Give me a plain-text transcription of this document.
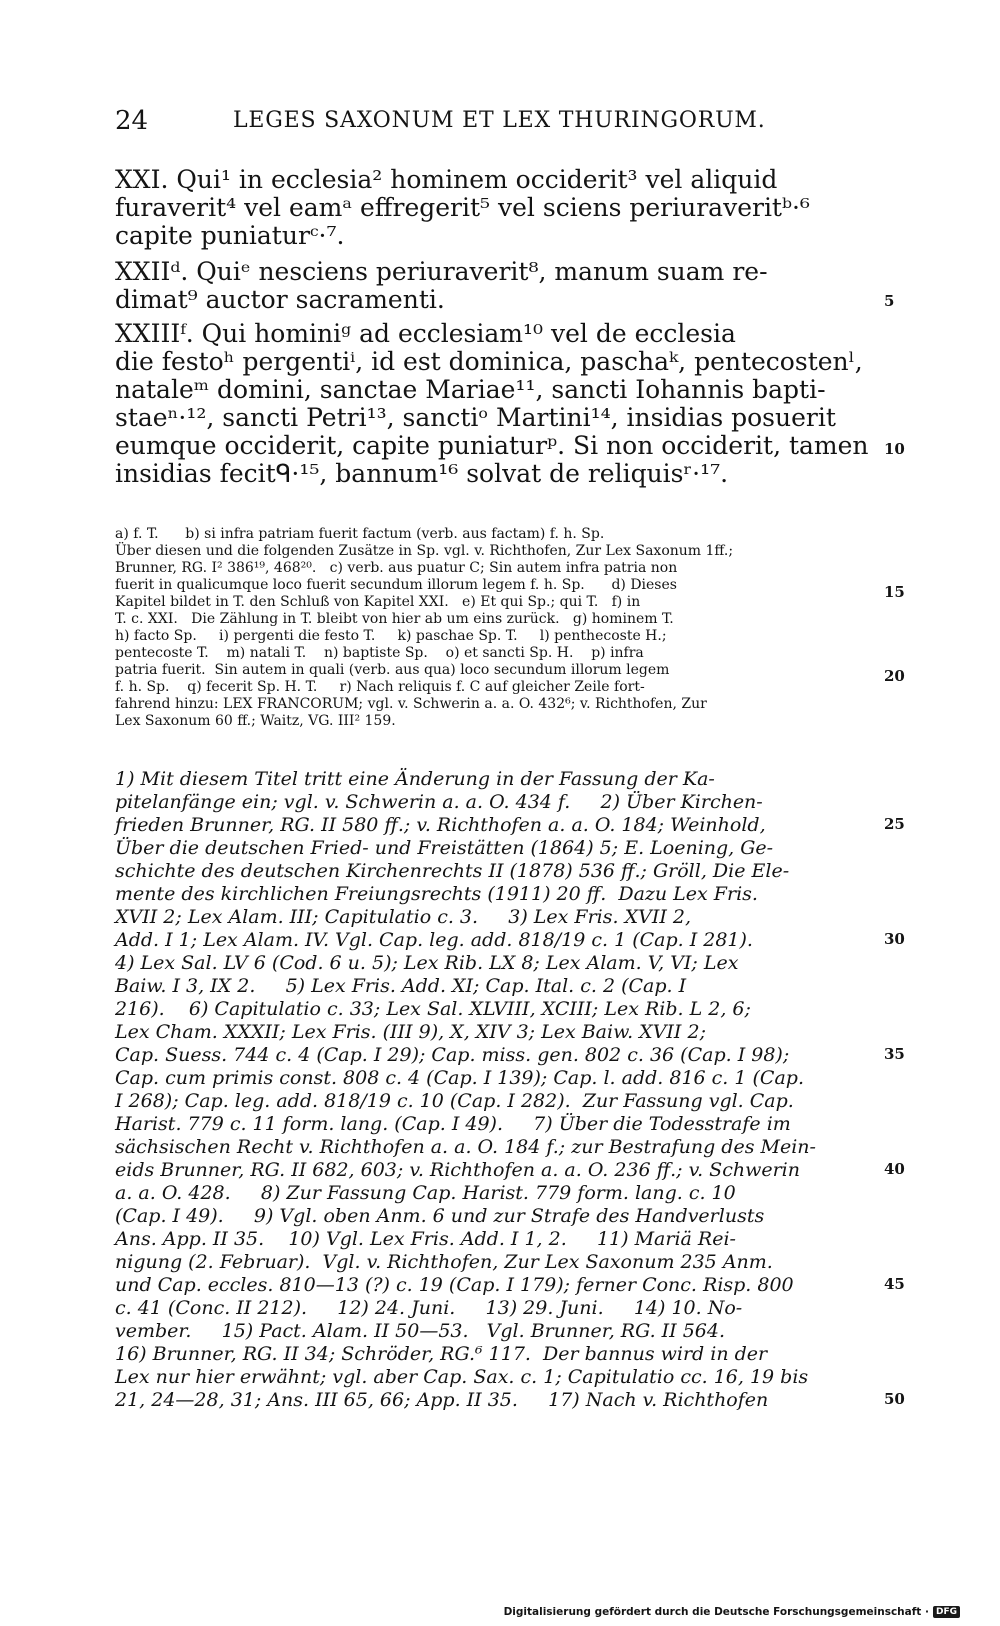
24	LEGES SAXONUM ET LEX THURINGORUM.
XXI. Qui¹ in ecclesia² hominem occiderit³ vel aliquid
furaverit⁴ vel eamᵃ effregerit⁵ vel sciens periuraveritᵇ·⁶
capite puniaturᶜ·⁷.
XXIIᵈ. Quiᵉ nesciens periuraverit⁸, manum suam re-
dimat⁹ auctor sacramenti.
XXIIIᶠ. Qui hominiᵍ ad ecclesiam¹⁰ vel de ecclesia
die festoʰ pergentiⁱ, id est dominica, paschaᵏ, pentecostenˡ,
nataleᵐ domini, sanctae Mariae¹¹, sancti Iohannis bapti-
staeⁿ·¹², sancti Petri¹³, sanctiᵒ Martini¹⁴, insidias posuerit
eumque occiderit, capite puniaturᵖ. Si non occiderit, tamen
insidias fecitᑫ·¹⁵, bannum¹⁶ solvat de reliquisʳ·¹⁷.
5
10
a) f. T.      b) si infra patriam fuerit factum (verb. aus factam) f. h. Sp.
Über diesen und die folgenden Zusätze in Sp. vgl. v. Richthofen, Zur Lex Saxonum 1ff.;
Brunner, RG. I² 386¹⁹, 468²⁰.   c) verb. aus puatur C; Sin autem infra patria non
fuerit in qualicumque loco fuerit secundum illorum legem f. h. Sp.      d) Dieses
Kapitel bildet in T. den Schluß von Kapitel XXI.   e) Et qui Sp.; qui T.   f) in
T. c. XXI.   Die Zählung in T. bleibt von hier ab um eins zurück.   g) hominem T.
h) facto Sp.     i) pergenti die festo T.     k) paschae Sp. T.     l) penthecoste H.;
pentecoste T.    m) natali T.    n) baptiste Sp.    o) et sancti Sp. H.    p) infra
patria fuerit.  Sin autem in quali (verb. aus qua) loco secundum illorum legem
f. h. Sp.    q) fecerit Sp. H. T.     r) Nach reliquis f. C auf gleicher Zeile fort-
fahrend hinzu: LEX FRANCORUM; vgl. v. Schwerin a. a. O. 432⁶; v. Richthofen, Zur
Lex Saxonum 60 ff.; Waitz, VG. III² 159.
15
20
1) Mit diesem Titel tritt eine Änderung in der Fassung der Ka-
pitelanfänge ein; vgl. v. Schwerin a. a. O. 434 f.     2) Über Kirchen-
frieden Brunner, RG. II 580 ff.; v. Richthofen a. a. O. 184; Weinhold,
Über die deutschen Fried- und Freistätten (1864) 5; E. Loening, Ge-
schichte des deutschen Kirchenrechts II (1878) 536 ff.; Gröll, Die Ele-
mente des kirchlichen Freiungsrechts (1911) 20 ff.  Dazu Lex Fris.
XVII 2; Lex Alam. III; Capitulatio c. 3.     3) Lex Fris. XVII 2,
Add. I 1; Lex Alam. IV. Vgl. Cap. leg. add. 818/19 c. 1 (Cap. I 281).
4) Lex Sal. LV 6 (Cod. 6 u. 5); Lex Rib. LX 8; Lex Alam. V, VI; Lex
Baiw. I 3, IX 2.     5) Lex Fris. Add. XI; Cap. Ital. c. 2 (Cap. I
216).    6) Capitulatio c. 33; Lex Sal. XLVIII, XCIII; Lex Rib. L 2, 6;
Lex Cham. XXXII; Lex Fris. (III 9), X, XIV 3; Lex Baiw. XVII 2;
Cap. Suess. 744 c. 4 (Cap. I 29); Cap. miss. gen. 802 c. 36 (Cap. I 98);
Cap. cum primis const. 808 c. 4 (Cap. I 139); Cap. l. add. 816 c. 1 (Cap.
I 268); Cap. leg. add. 818/19 c. 10 (Cap. I 282).  Zur Fassung vgl. Cap.
Harist. 779 c. 11 form. lang. (Cap. I 49).     7) Über die Todesstrafe im
sächsischen Recht v. Richthofen a. a. O. 184 f.; zur Bestrafung des Mein-
eids Brunner, RG. II 682, 603; v. Richthofen a. a. O. 236 ff.; v. Schwerin
a. a. O. 428.     8) Zur Fassung Cap. Harist. 779 form. lang. c. 10
(Cap. I 49).     9) Vgl. oben Anm. 6 und zur Strafe des Handverlusts
Ans. App. II 35.    10) Vgl. Lex Fris. Add. I 1, 2.     11) Mariä Rei-
nigung (2. Februar).  Vgl. v. Richthofen, Zur Lex Saxonum 235 Anm.
und Cap. eccles. 810—13 (?) c. 19 (Cap. I 179); ferner Conc. Risp. 800
c. 41 (Conc. II 212).     12) 24. Juni.     13) 29. Juni.     14) 10. No-
vember.     15) Pact. Alam. II 50—53.   Vgl. Brunner, RG. II 564.
16) Brunner, RG. II 34; Schröder, RG.⁶ 117.  Der bannus wird in der
Lex nur hier erwähnt; vgl. aber Cap. Sax. c. 1; Capitulatio cc. 16, 19 bis
21, 24—28, 31; Ans. III 65, 66; App. II 35.     17) Nach v. Richthofen
25
30
35
40
45
50
Digitalisierung gefördert durch die Deutsche Forschungsgemeinschaft · DFG
